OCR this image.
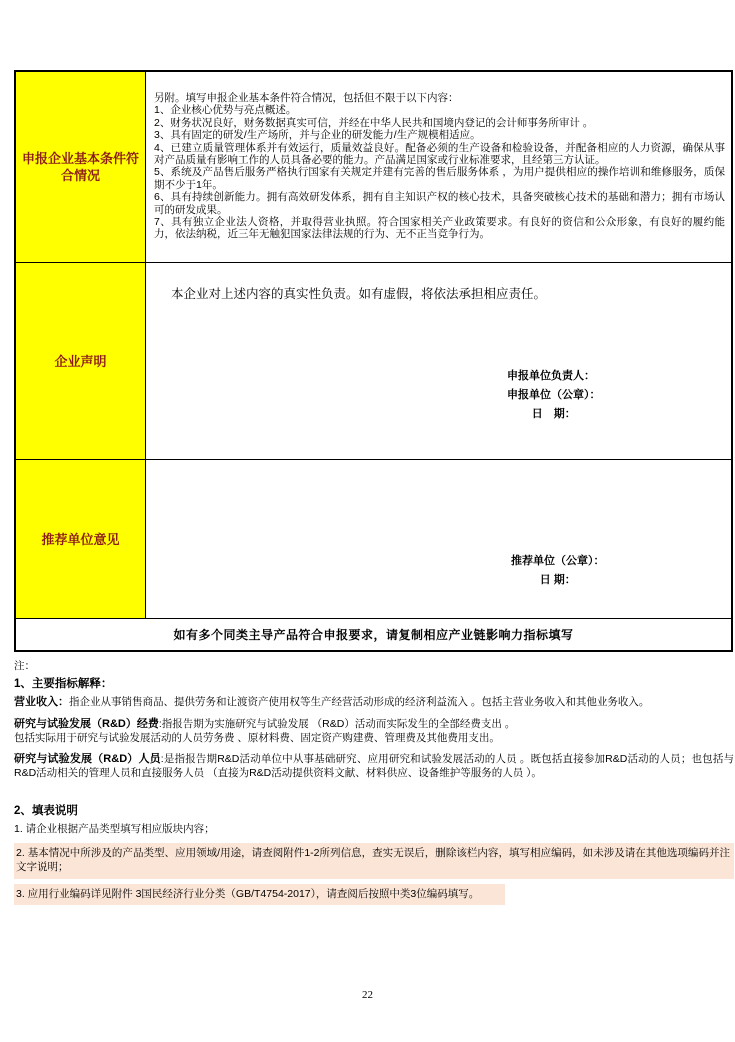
申报企业基本条件符合情况
另附。填写申报企业基本条件符合情况，包括但不限于以下内容：
1、企业核心优势与亮点概述。
2、财务状况良好，财务数据真实可信，并经在中华人民共和国境内登记的会计师事务所审计 。
3、具有固定的研发/生产场所，并与企业的研发能力/生产规模相适应。
4、已建立质量管理体系并有效运行，质量效益良好。配备必须的生产设备和检验设备，并配备相应的人力资源，确保从事对产品质量有影响工作的人员具备必要的能力。产品满足国家或行业标准要求，且经第三方认证。
5、系统及产品售后服务严格执行国家有关规定并建有完善的售后服务体系 ，为用户提供相应的操作培训和维修服务，质保期不少于1年。
6、具有持续创新能力。拥有高效研发体系，拥有自主知识产权的核心技术，具备突破核心技术的基础和潜力；拥有市场认可的研发成果。
7、具有独立企业法人资格，并取得营业执照。符合国家相关产业政策要求。有良好的资信和公众形象，有良好的履约能力，依法纳税，近三年无触犯国家法律法规的行为、无不正当竞争行为。
企业声明
本企业对上述内容的真实性负责。如有虚假，将依法承担相应责任。
申报单位负责人：
申报单位（公章）：
日　期：
推荐单位意见
推荐单位（公章）：
日 期：
如有多个同类主导产品符合申报要求，请复制相应产业链影响力指标填写
注：
1、主要指标解释：
营业收入：指企业从事销售商品、提供劳务和让渡资产使用权等生产经营活动形成的经济利益流入 。包括主营业务收入和其他业务收入。
研究与试验发展（R&D）经费:指报告期为实施研究与试验发展 （R&D）活动而实际发生的全部经费支出 。
包括实际用于研究与试验发展活动的人员劳务费 、原材料费、固定资产购建费、管理费及其他费用支出。
研究与试验发展（R&D）人员:是指报告期R&D活动单位中从事基础研究、应用研究和试验发展活动的人员 。既包括直接参加R&D活动的人员；也包括与R&D活动相关的管理人员和直接服务人员 （直接为R&D活动提供资料文献、材料供应、设备维护等服务的人员 ）。
2、填表说明
1. 请企业根据产品类型填写相应版块内容；
2. 基本情况中所涉及的产品类型、应用领域/用途，请查阅附件1-2所列信息，查实无误后，删除该栏内容，填写相应编码，如未涉及请在其他选项编码并注文字说明；
3. 应用行业编码详见附件 3国民经济行业分类（GB/T4754-2017），请查阅后按照中类3位编码填写。
22
